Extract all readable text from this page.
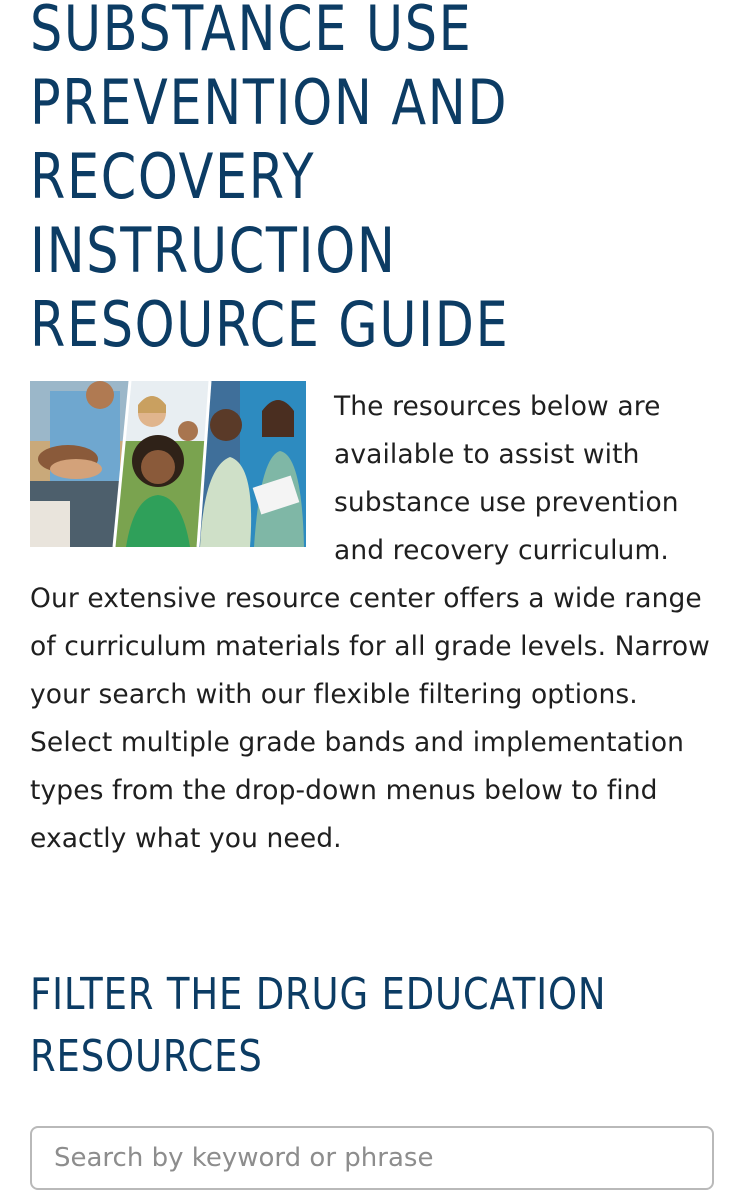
SUBSTANCE USE
PREVENTION AND
RECOVERY
INSTRUCTION
RESOURCE GUIDE

The resources below are available to assist with substance use prevention and recovery curriculum. Our extensive resource center offers a wide range of curriculum materials for all grade levels. Narrow your search with our flexible filtering options. Select multiple grade bands and implementation types from the drop-down menus below to find exactly what you need.

FILTER THE DRUG EDUCATION
RESOURCES
Search by keyword or phrase
